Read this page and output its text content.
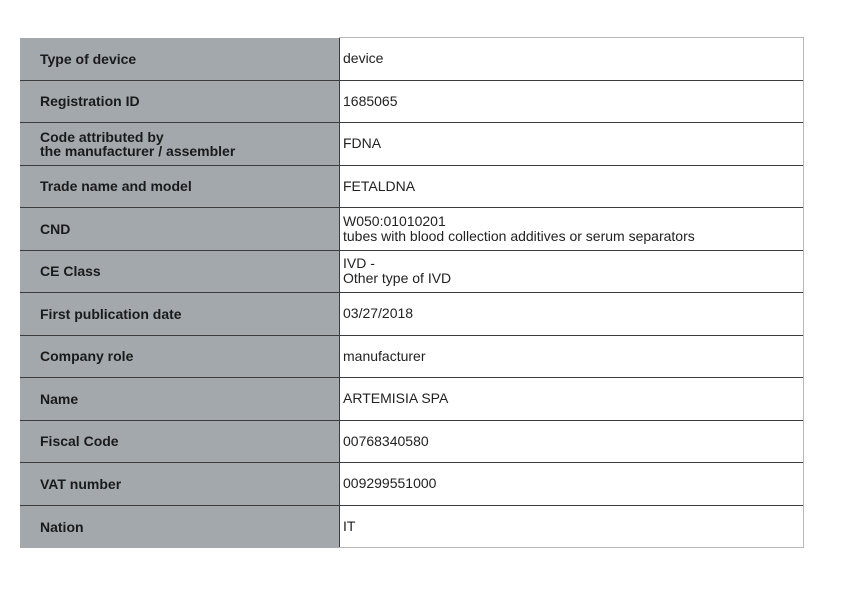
Type of device	device
Registration ID	1685065
Code attributed by
the manufacturer / assembler	FDNA
Trade name and model	FETALDNA
CND	W050:01010201
tubes with blood collection additives or serum separators
CE Class	IVD -
Other type of IVD
First publication date	03/27/2018
Company role	manufacturer
Name	ARTEMISIA SPA
Fiscal Code	00768340580
VAT number	009299551000
Nation	IT
